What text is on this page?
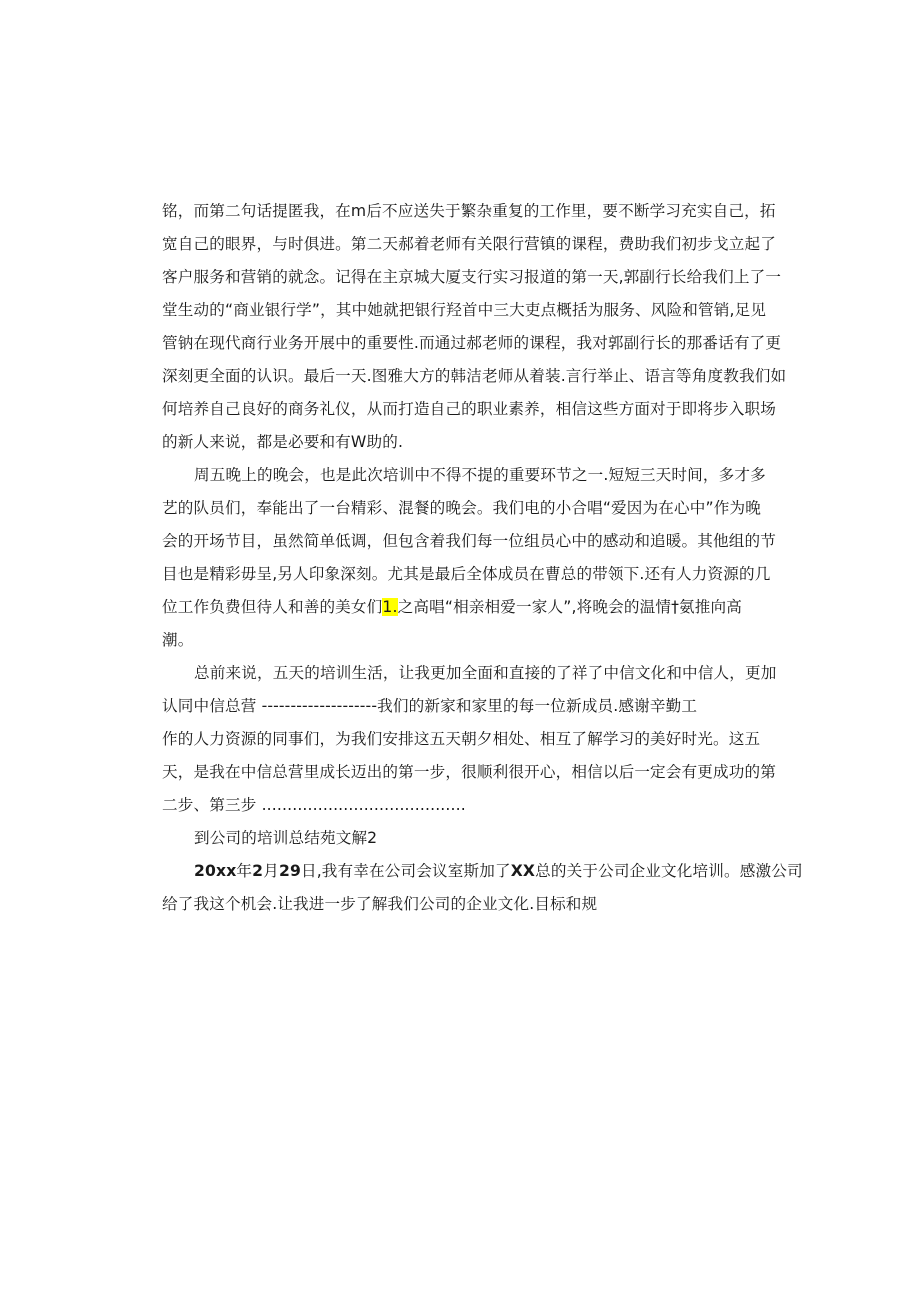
铭，而第二句话提匿我，在m后不应送失于繁杂重复的工作里，要不断学习充实自己，拓

宽自己的眼界，与时俱进。第二天郝着老师有关限行营镇的课程，费助我们初步戈立起了

客户服务和营销的就念。记得在主京城大厦支行实习报道的第一天,郭副行长给我们上了一

堂生动的“商业银行学”，其中她就把银行羟首中三大吏点概括为服务、风险和管销,足见

管钠在现代商行业务开展中的重要性.而通过郝老师的课程，我对郭副行长的那番话有了更

深刻更全面的认识。最后一天.图雅大方的韩洁老师从着装.言行举止、语言等角度教我们如

何培养自己良好的商务礼仪，从而打造自己的职业素养，相信这些方面对于即将步入职场

的新人来说，都是必要和有W助的.

周五晚上的晚会，也是此次培训中不得不提的重要环节之一.短短三天时间，多才多

艺的队员们，奉能出了一台精彩、混餐的晚会。我们电的小合唱“爱因为在心中”作为晚

会的开场节目，虽然简单低调，但包含着我们每一位组员心中的感动和追暖。其他组的节

目也是精彩毋呈,另人印象深刻。尤其是最后全体成员在曹总的带领下.还有人力资源的几

位工作负费但待人和善的美女们1.之高唱“相亲相爱一家人”,将晚会的温情†氨推向高

潮。

总前来说，五天的培训生活，让我更加全面和直接的了祥了中信文化和中信人，更加

认同中信总营 --------------------我们的新家和家里的每一位新成员.感谢辛勤工

作的人力资源的同事们，为我们安排这五天朝夕相处、相互了解学习的美好时光。这五

天，是我在中信总营里成长迈出的第一步，很顺利很开心，相信以后一定会有更成功的第

二步、第三步 ........................................

到公司的培训总结苑文解2

20xx年2月29日,我有幸在公司会议室斯加了XX总的关于公司企业文化培训。感激公司

给了我这个机会.让我进一步了解我们公司的企业文化.目标和规
